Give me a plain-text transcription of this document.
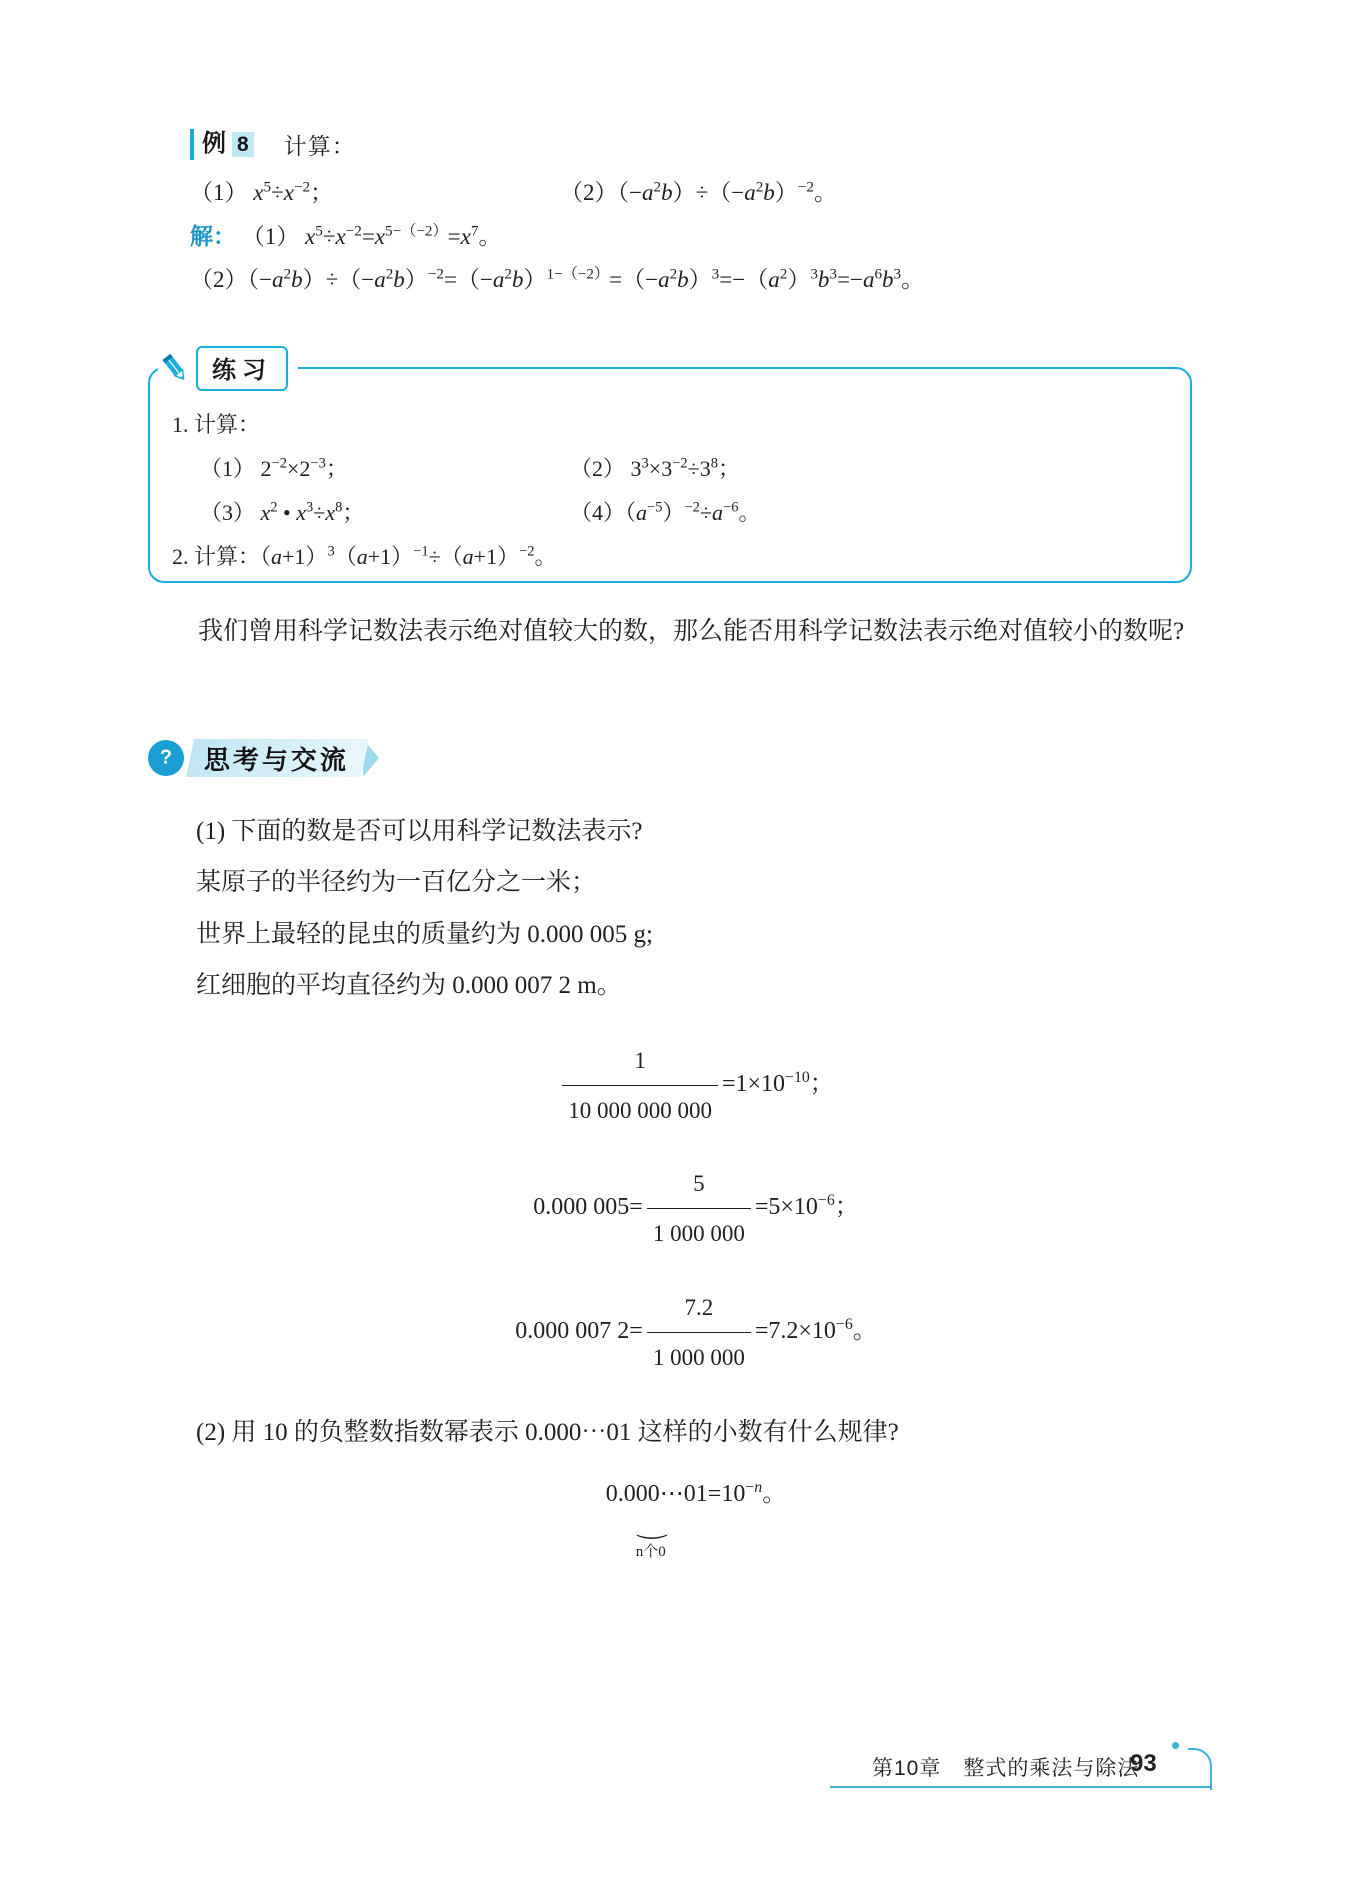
例 8 计算：
（1） $x^5\div x^{-2}$；	$(2)(-a^2b)\div(-a^2b)^{-2}$。
解： （1） $x^5\div x^{-2}=x^{5-(-2)}=x^7$。
$(2)(-a^2b)\div(-a^2b)^{-2}=(-a^2b)^{1-(-2)}=(-a^2b)^3=-(a^2)^3b^3=-a^6b^3$。
练习
1. 计算：
（1） $2^{-2}\times 2^{-3}$；	（2） $3^3\times 3^{-2}\div 3^8$；
（3） $x^2$ • $x^3\div x^8$；	$(4)(a^{-5})^{-2}\div a^{-6}$。
2. 计算：$(a+1)^3(a+1)^{-1}\div(a+1)^{-2}$。
我们曾用科学记数法表示绝对值较大的数，那么能否用科学记数法表示绝对值较小的数呢?
?
思考与交流
(1) 下面的数是否可以用科学记数法表示?
某原子的半径约为一百亿分之一米；
世界上最轻的昆虫的质量约为 0.000 005 g;
红细胞的平均直径约为 0.000 007 2 m。
$\frac{1}{10 000 000 000} =1\times 10^{-10}$；
0.000 $005= \frac{5}{1 000 000} =5\times 10^{-6}$；
0.000 007 $2= \frac{7.2}{1 000 000} =7.2\times 10^{-6}$。
(2) 用 10 的负整数指数幂表示 0.000⋯01 这样的小数有什么规律?
0.000⋯0
⏝
n个0
$1=10^{-n}$。
第10章　整式的乘法与除法
93
